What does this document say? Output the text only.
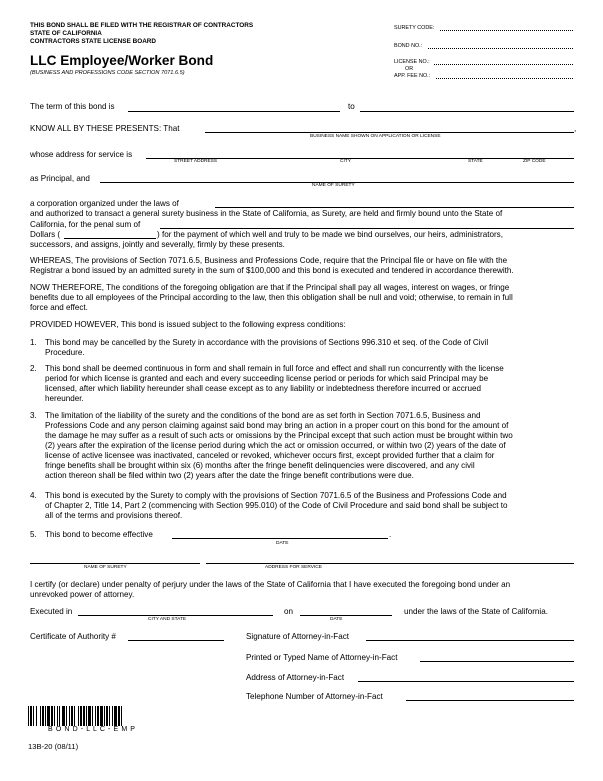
THIS BOND SHALL BE FILED WITH THE REGISTRAR OF CONTRACTORS
STATE OF CALIFORNIA
CONTRACTORS STATE LICENSE BOARD
LLC Employee/Worker Bond
(BUSINESS AND PROFESSIONS CODE SECTION 7071.6.5)
SURETY CODE:
BOND NO.:
LICENSE NO.:
OR
APP. FEE NO.:
The term of this bond is	to
KNOW ALL BY THESE PRESENTS: That	,
BUSINESS NAME SHOWN ON APPLICATION OR LICENSE
whose address for service is
STREET ADDRESS	CITY	STATE	ZIP CODE
as Principal, and
NAME OF SURETY
a corporation organized under the laws of
and authorized to transact a general surety business in the State of California, as Surety, are held and firmly bound unto the State of
California, for the penal sum of
Dollars (	) for the payment of which well and truly to be made we bind ourselves, our heirs, administrators,
successors, and assigns, jointly and severally, firmly by these presents.
WHEREAS, The provisions of Section 7071.6.5, Business and Professions Code, require that the Principal file or have on file with the
Registrar a bond issued by an admitted surety in the sum of $100,000 and this bond is executed and tendered in accordance therewith.
NOW THEREFORE, The conditions of the foregoing obligation are that if the Principal shall pay all wages, interest on wages, or fringe
benefits due to all employees of the Principal according to the law, then this obligation shall be null and void; otherwise, to remain in full
force and effect.
PROVIDED HOWEVER, This bond is issued subject to the following express conditions:
1. This bond may be cancelled by the Surety in accordance with the provisions of Sections 996.310 et seq. of the Code of Civil
Procedure.
2. This bond shall be deemed continuous in form and shall remain in full force and effect and shall run concurrently with the license
period for which license is granted and each and every succeeding license period or periods for which said Principal may be
licensed, after which liability hereunder shall cease except as to any liability or indebtedness therefore incurred or accrued
hereunder.
3. The limitation of the liability of the surety and the conditions of the bond are as set forth in Section 7071.6.5, Business and
Professions Code and any person claiming against said bond may bring an action in a proper court on this bond for the amount of
the damage he may suffer as a result of such acts or omissions by the Principal except that such action must be brought within two
(2) years after the expiration of the license period during which the act or omission occurred, or within two (2) years of the date of
license of active licensee was inactivated, canceled or revoked, whichever occurs first, except provided further that a claim for
fringe benefits shall be brought within six (6) months after the fringe benefit delinquencies were discovered, and any civil
action thereon shall be filed within two (2) years after the date the fringe benefit contributions were due.
4. This bond is executed by the Surety to comply with the provisions of Section 7071.6.5 of the Business and Professions Code and
of Chapter 2, Title 14, Part 2 (commencing with Section 995.010) of the Code of Civil Procedure and said bond shall be subject to
all of the terms and provisions thereof.
5. This bond to become effective	.
DATE
NAME OF SURETY	ADDRESS FOR SERVICE
I certify (or declare) under penalty of perjury under the laws of the State of California that I have executed the foregoing bond under an
unrevoked power of attorney.
Executed in	on	under the laws of the State of California.
CITY AND STATE	DATE
Certificate of Authority #	Signature of Attorney-in-Fact
Printed or Typed Name of Attorney-in-Fact
Address of Attorney-in-Fact
Telephone Number of Attorney-in-Fact
B O N D - L L C - E M P
13B-20 (08/11)
